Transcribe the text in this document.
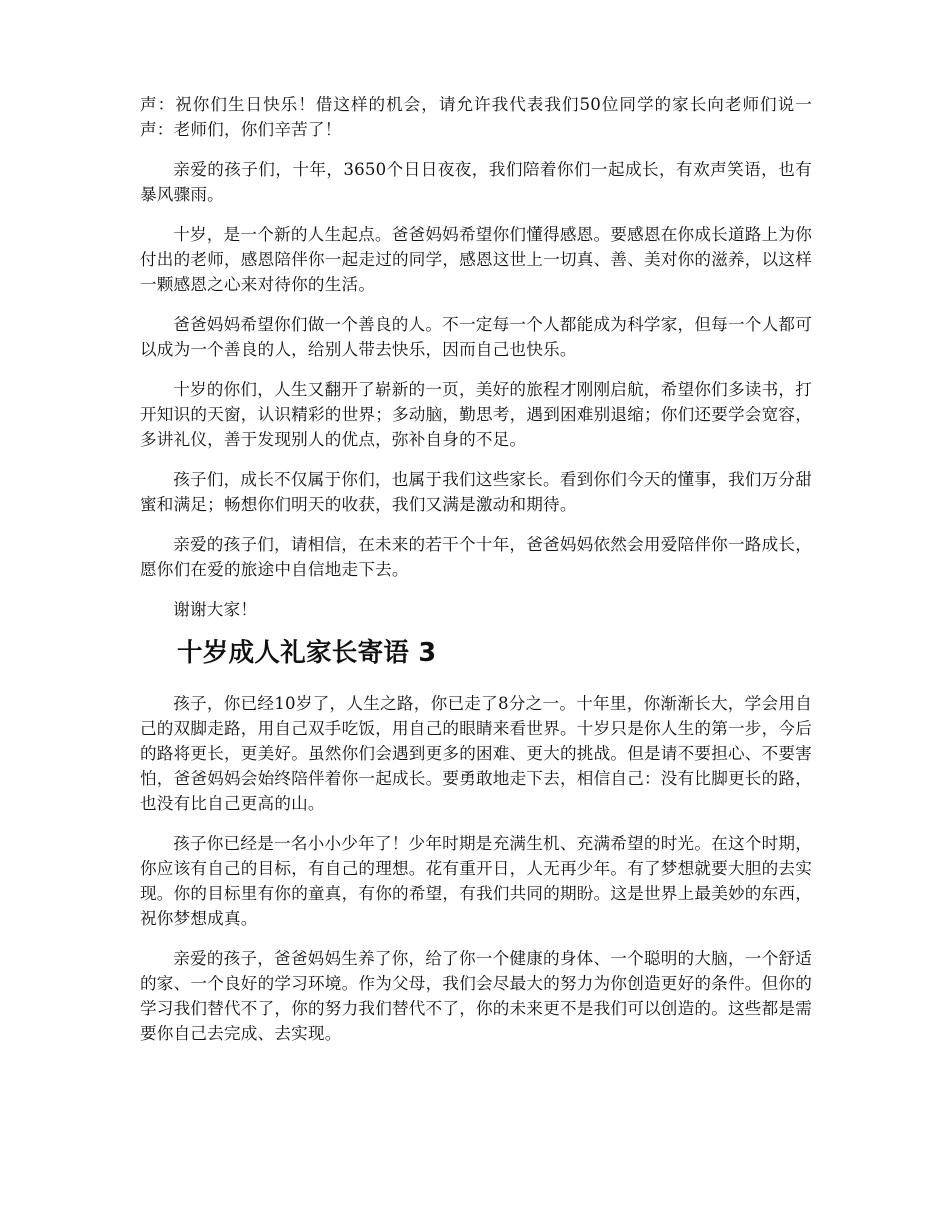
声：祝你们生日快乐！借这样的机会，请允许我代表我们50位同学的家长向老师们说一声：老师们，你们辛苦了！

亲爱的孩子们，十年，3650个日日夜夜，我们陪着你们一起成长，有欢声笑语，也有暴风骤雨。

十岁，是一个新的人生起点。爸爸妈妈希望你们懂得感恩。要感恩在你成长道路上为你付出的老师，感恩陪伴你一起走过的同学，感恩这世上一切真、善、美对你的滋养，以这样一颗感恩之心来对待你的生活。

爸爸妈妈希望你们做一个善良的人。不一定每一个人都能成为科学家，但每一个人都可以成为一个善良的人，给别人带去快乐，因而自己也快乐。

十岁的你们，人生又翻开了崭新的一页，美好的旅程才刚刚启航，希望你们多读书，打开知识的天窗，认识精彩的世界；多动脑，勤思考，遇到困难别退缩；你们还要学会宽容，多讲礼仪，善于发现别人的优点，弥补自身的不足。

孩子们，成长不仅属于你们，也属于我们这些家长。看到你们今天的懂事，我们万分甜蜜和满足；畅想你们明天的收获，我们又满是激动和期待。

亲爱的孩子们，请相信，在未来的若干个十年，爸爸妈妈依然会用爱陪伴你一路成长，愿你们在爱的旅途中自信地走下去。

谢谢大家！

十岁成人礼家长寄语 3

孩子，你已经10岁了，人生之路，你已走了8分之一。十年里，你渐渐长大，学会用自己的双脚走路，用自己双手吃饭，用自己的眼睛来看世界。十岁只是你人生的第一步，今后的路将更长，更美好。虽然你们会遇到更多的困难、更大的挑战。但是请不要担心、不要害怕，爸爸妈妈会始终陪伴着你一起成长。要勇敢地走下去，相信自己：没有比脚更长的路，也没有比自己更高的山。

孩子你已经是一名小小少年了！少年时期是充满生机、充满希望的时光。在这个时期，你应该有自己的目标，有自己的理想。花有重开日，人无再少年。有了梦想就要大胆的去实现。你的目标里有你的童真，有你的希望，有我们共同的期盼。这是世界上最美妙的东西，祝你梦想成真。

亲爱的孩子，爸爸妈妈生养了你，给了你一个健康的身体、一个聪明的大脑，一个舒适的家、一个良好的学习环境。作为父母，我们会尽最大的努力为你创造更好的条件。但你的学习我们替代不了，你的努力我们替代不了，你的未来更不是我们可以创造的。这些都是需要你自己去完成、去实现。
